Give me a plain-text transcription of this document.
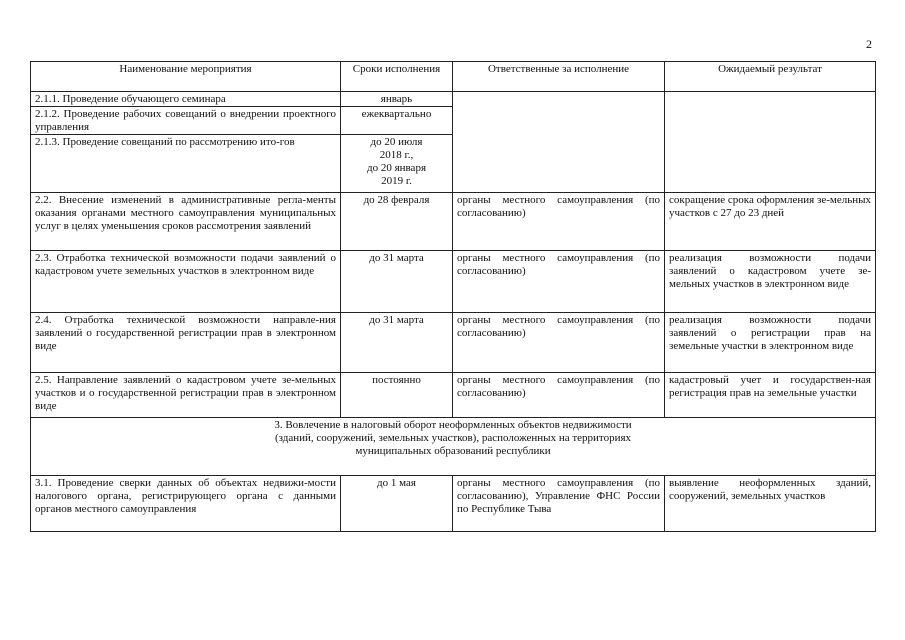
2
Наименование мероприятия	Сроки исполнения	Ответственные за исполнение	Ожидаемый результат
2.1.1. Проведение обучающего семинара	январь		
2.1.2. Проведение рабочих совещаний о внедрении проектного управления	ежеквартально		
2.1.3. Проведение совещаний по рассмотрению ито-гов	до 20 июля
2018 г.,
до 20 января
2019 г.		

2.2. Внесение изменений в административные регла-менты оказания органами местного самоуправления муниципальных услуг в целях уменьшения сроков рассмотрения заявлений	до 28 февраля	органы местного самоуправления (по согласованию)	сокращение срока оформления зе-мельных участков с 27 до 23 дней
2.3. Отработка технической возможности подачи заявлений о кадастровом учете земельных участков в электронном виде	до 31 марта	органы местного самоуправления (по согласованию)	реализация возможности подачи заявлений о кадастровом учете зе-мельных участков в электронном виде
2.4. Отработка технической возможности направле-ния заявлений о государственной регистрации прав в электронном виде	до 31 марта	органы местного самоуправления (по согласованию)	реализация возможности подачи заявлений о регистрации прав на земельные участки в электронном виде
2.5. Направление заявлений о кадастровом учете зе-мельных участков и о государственной регистрации прав в электронном виде	постоянно	органы местного самоуправления (по согласованию)	кадастровый учет и государствен-ная регистрация прав на земельные участки

3. Вовлечение в налоговый оборот неоформленных объектов недвижимости
(зданий, сооружений, земельных участков), расположенных на территориях
муниципальных образований республики			

3.1. Проведение сверки данных об объектах недвижи-мости налогового органа, регистрирующего органа с данными органов местного самоуправления	до 1 мая	органы местного самоуправления (по согласованию), Управление ФНС России по Республике Тыва	выявление неоформленных зданий, сооружений, земельных участков
